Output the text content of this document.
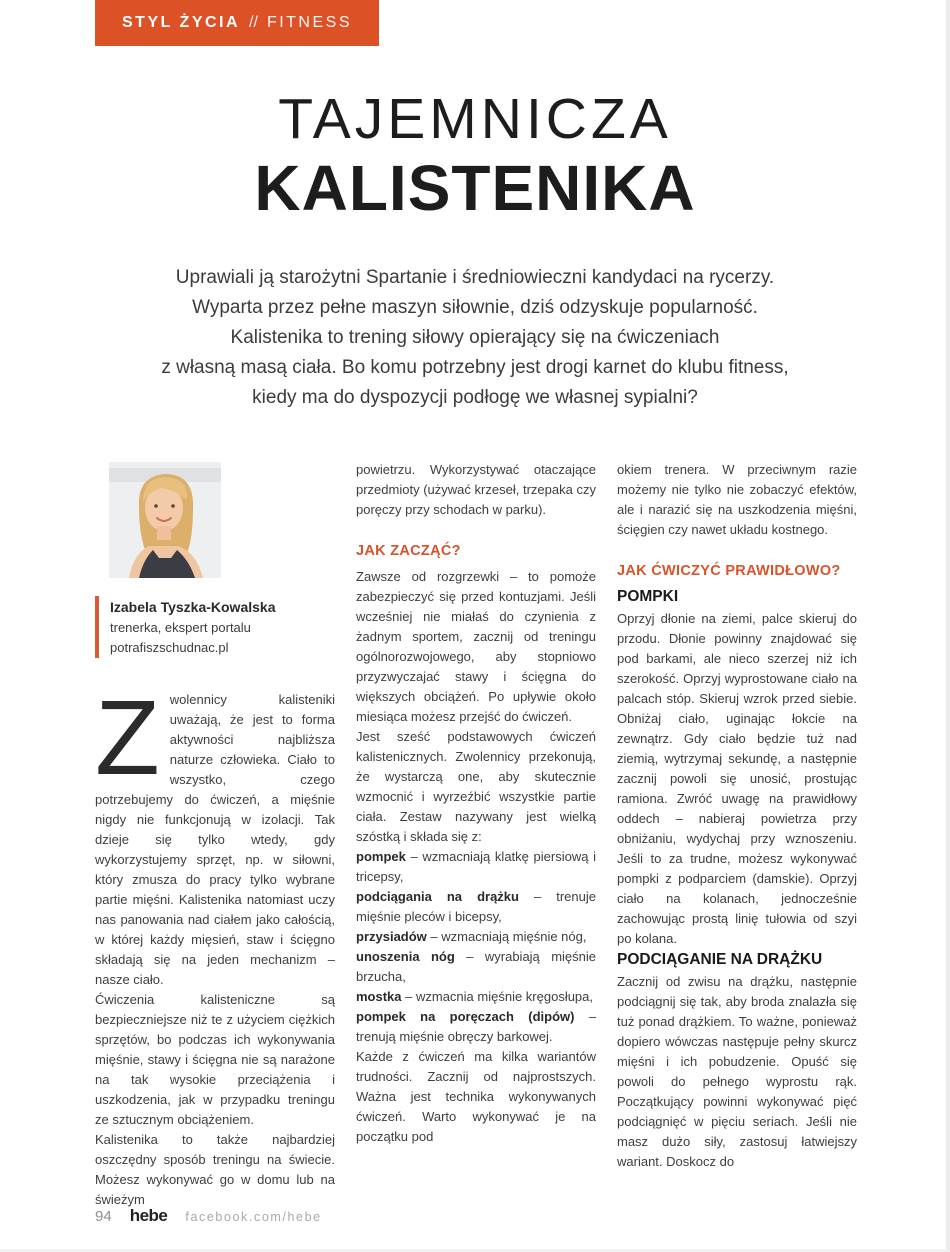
STYL ŻYCIA // FITNESS
TAJEMNICZA
KALISTENIKA
Uprawiali ją starożytni Spartanie i średniowieczni kandydaci na rycerzy.
Wyparta przez pełne maszyn siłownie, dziś odzyskuje popularność.
Kalistenika to trening siłowy opierający się na ćwiczeniach
z własną masą ciała. Bo komu potrzebny jest drogi karnet do klubu fitness,
kiedy ma do dyspozycji podłogę we własnej sypialni?
Izabela Tyszka-Kowalska
trenerka, ekspert portalu
potrafiszschudnac.pl

Zwolennicy kalisteniki uważają, że jest to forma aktywności najbliższa naturze człowieka. Ciało to wszystko, czego potrzebujemy do ćwiczeń, a mięśnie nigdy nie funkcjonują w izolacji. Tak dzieje się tylko wtedy, gdy wykorzystujemy sprzęt, np. w siłowni, który zmusza do pracy tylko wybrane partie mięśni. Kalistenika natomiast uczy nas panowania nad ciałem jako całością, w której każdy mięsień, staw i ścięgno składają się na jeden mechanizm – nasze ciało.

Ćwiczenia kalisteniczne są bezpieczniejsze niż te z użyciem ciężkich sprzętów, bo podczas ich wykonywania mięśnie, stawy i ścięgna nie są narażone na tak wysokie przeciążenia i uszkodzenia, jak w przypadku treningu ze sztucznym obciążeniem.

Kalistenika to także najbardziej oszczędny sposób treningu na świecie. Możesz wykonywać go w domu lub na świeżym

powietrzu. Wykorzystywać otaczające przedmioty (używać krzeseł, trzepaka czy poręczy przy schodach w parku).

JAK ZACZĄĆ?

Zawsze od rozgrzewki – to pomoże zabezpieczyć się przed kontuzjami. Jeśli wcześniej nie miałaś do czynienia z żadnym sportem, zacznij od treningu ogólnorozwojowego, aby stopniowo przyzwyczajać stawy i ścięgna do większych obciążeń. Po upływie około miesiąca możesz przejść do ćwiczeń.

Jest sześć podstawowych ćwiczeń kalistenicznych. Zwolennicy przekonują, że wystarczą one, aby skutecznie wzmocnić i wyrzeźbić wszystkie partie ciała. Zestaw nazywany jest wielką szóstką i składa się z:

pompek – wzmacniają klatkę piersiową i tricepsy,

podciągania na drążku – trenuje mięśnie pleców i bicepsy,

przysiadów – wzmacniają mięśnie nóg,

unoszenia nóg – wyrabiają mięśnie brzucha,

mostka – wzmacnia mięśnie kręgosłupa,

pompek na poręczach (dipów) – trenują mięśnie obręczy barkowej.

Każde z ćwiczeń ma kilka wariantów trudności. Zacznij od najprostszych. Ważna jest technika wykonywanych ćwiczeń. Warto wykonywać je na początku pod

okiem trenera. W przeciwnym razie możemy nie tylko nie zobaczyć efektów, ale i narazić się na uszkodzenia mięśni, ścięgien czy nawet układu kostnego.

JAK ĆWICZYĆ PRAWIDŁOWO?
POMPKI

Oprzyj dłonie na ziemi, palce skieruj do przodu. Dłonie powinny znajdować się pod barkami, ale nieco szerzej niż ich szerokość. Oprzyj wyprostowane ciało na palcach stóp. Skieruj wzrok przed siebie. Obniżaj ciało, uginając łokcie na zewnątrz. Gdy ciało będzie tuż nad ziemią, wytrzymaj sekundę, a następnie zacznij powoli się unosić, prostując ramiona. Zwróć uwagę na prawidłowy oddech – nabieraj powietrza przy obniżaniu, wydychaj przy wznoszeniu. Jeśli to za trudne, możesz wykonywać pompki z podparciem (damskie). Oprzyj ciało na kolanach, jednocześnie zachowując prostą linię tułowia od szyi po kolana.

PODCIĄGANIE NA DRĄŻKU

Zacznij od zwisu na drążku, następnie podciągnij się tak, aby broda znalazła się tuż ponad drążkiem. To ważne, ponieważ dopiero wówczas następuje pełny skurcz mięśni i ich pobudzenie. Opuść się powoli do pełnego wyprostu rąk. Początkujący powinni wykonywać pięć podciągnięć w pięciu seriach. Jeśli nie masz dużo siły, zastosuj łatwiejszy wariant. Doskocz do

94 hebe facebook.com/hebe
